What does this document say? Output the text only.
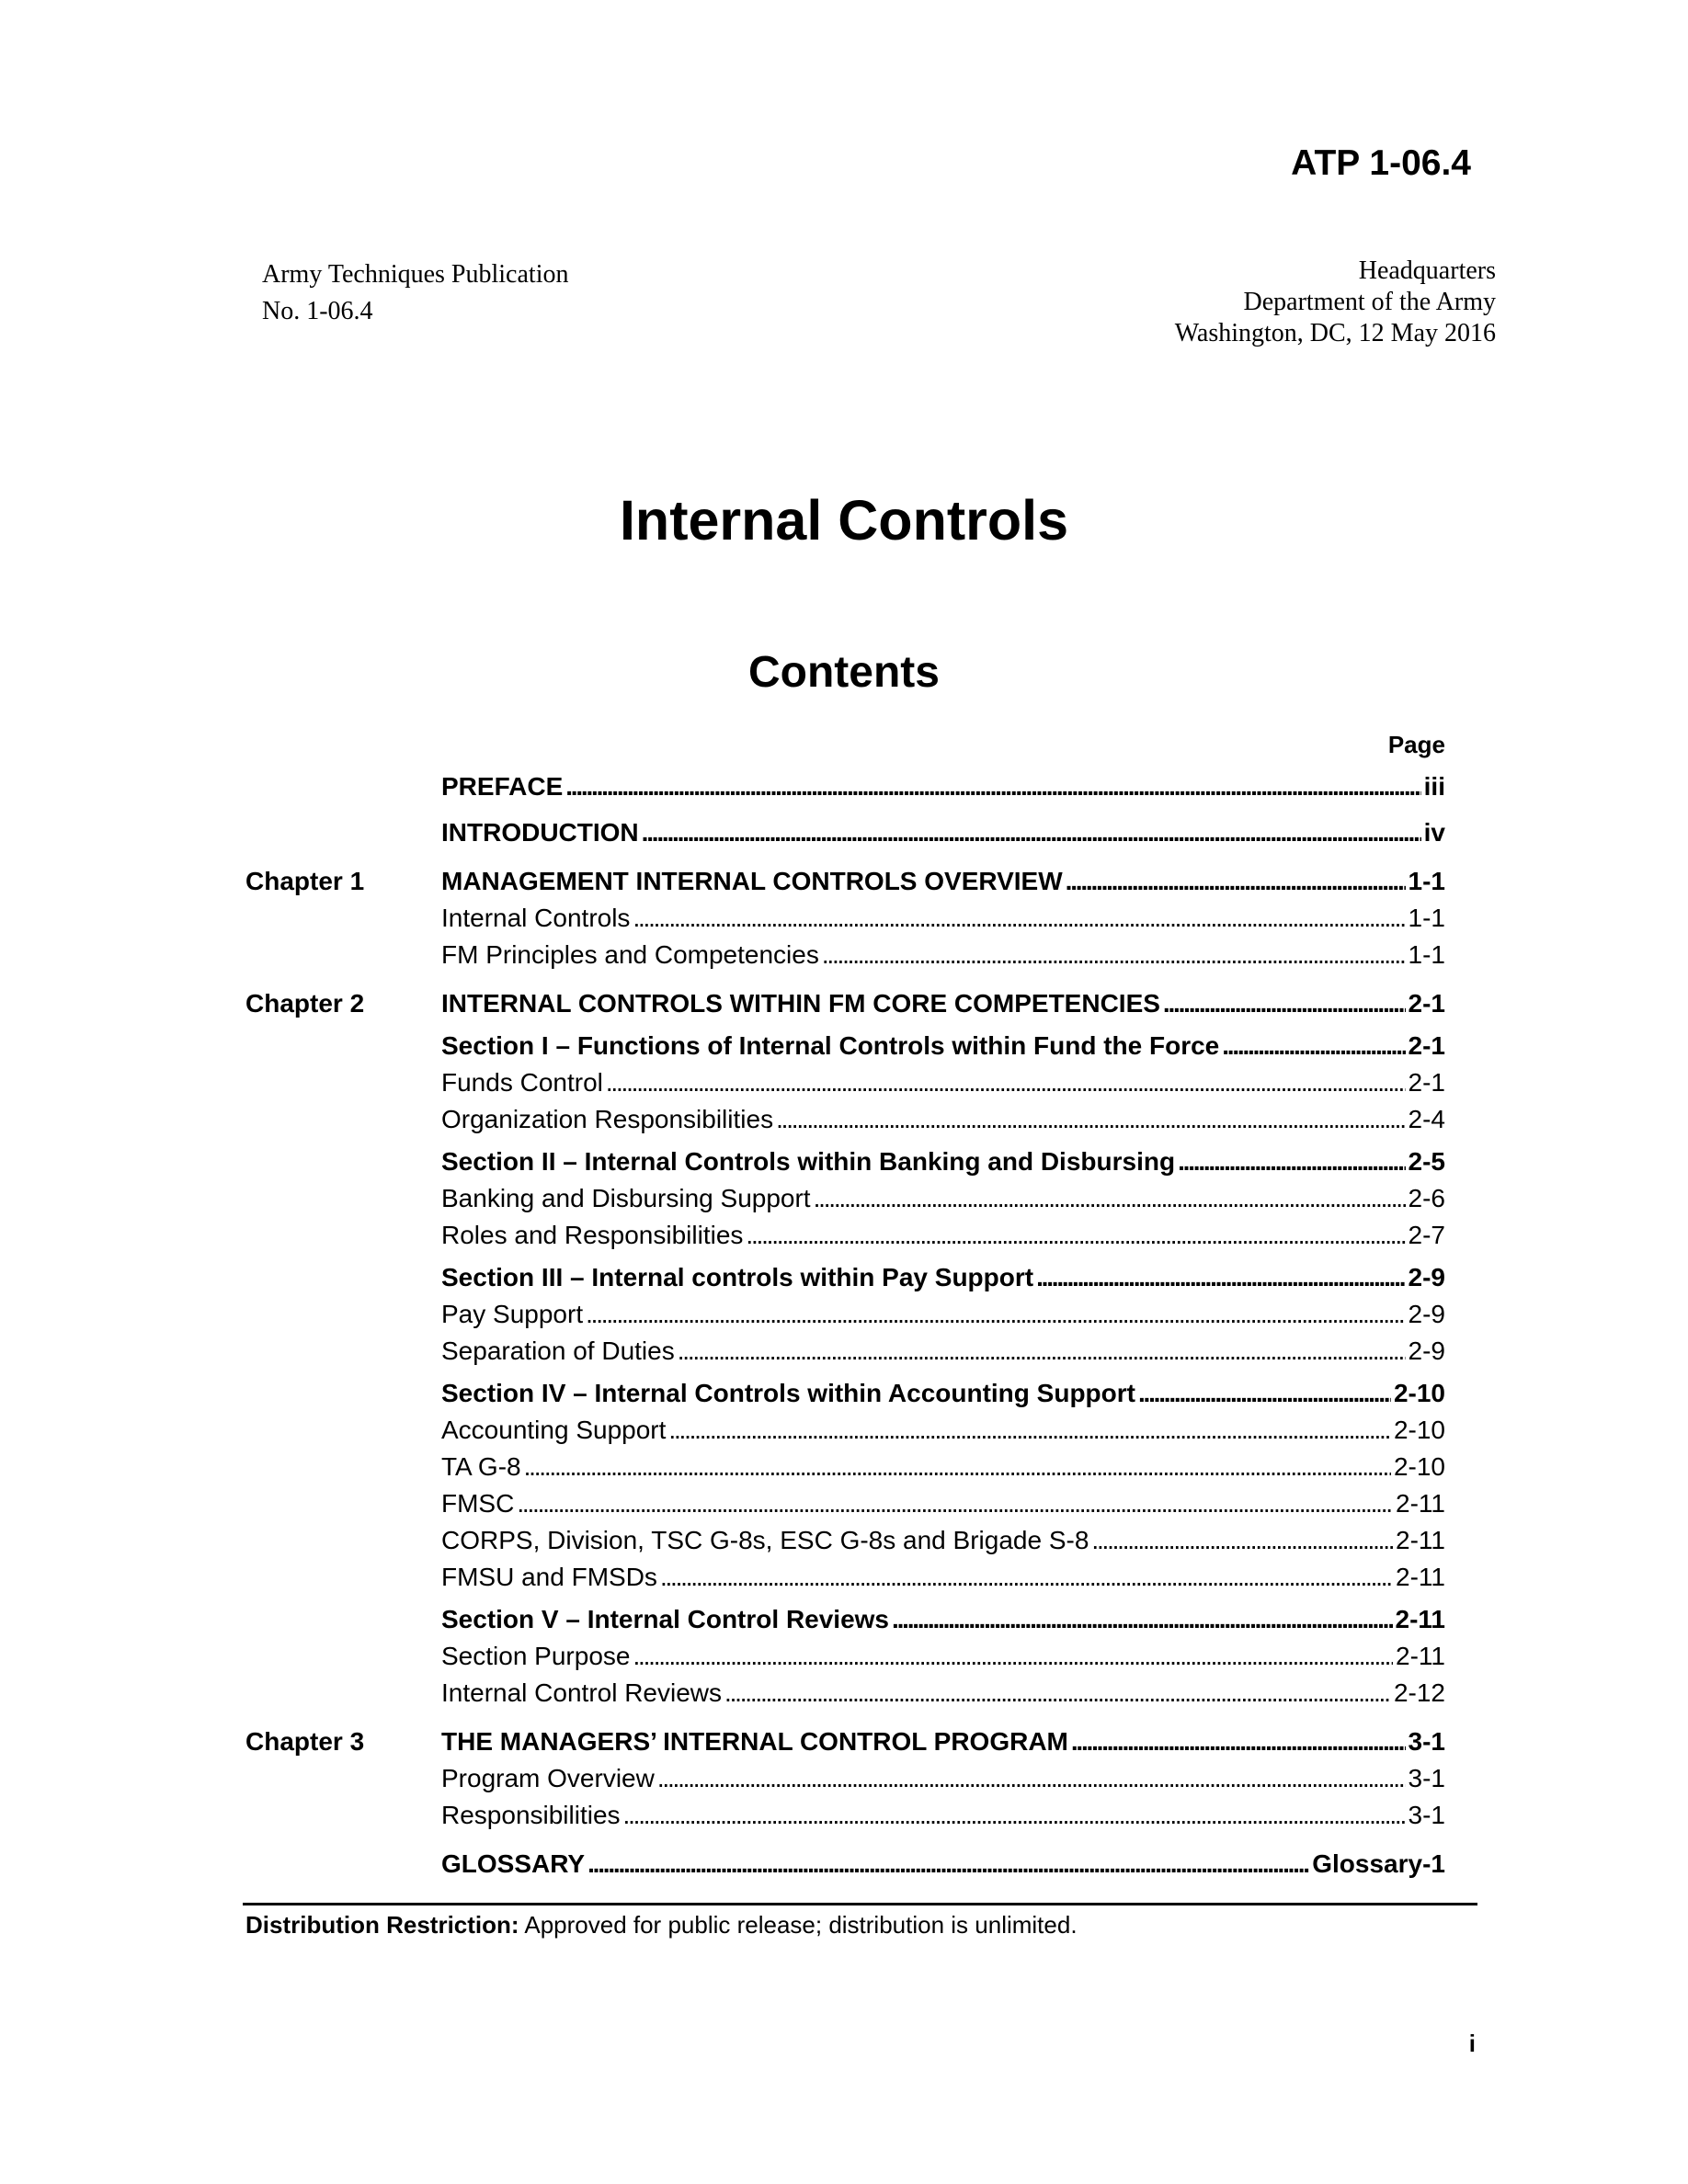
ATP 1-06.4
Army Techniques Publication
No. 1-06.4
Headquarters
Department of the Army
Washington, DC, 12 May 2016
Internal Controls
Contents
Page
PREFACE . . .	iii
INTRODUCTION . . .	iv
Chapter 1	MANAGEMENT INTERNAL CONTROLS OVERVIEW . . .	1-1
Internal Controls . . .	1-1
FM Principles and Competencies . . .	1-1
Chapter 2	INTERNAL CONTROLS WITHIN FM CORE COMPETENCIES . . .	2-1
Section I – Functions of Internal Controls within Fund the Force . . .	2-1
Funds Control . . .	2-1
Organization Responsibilities . . .	2-4
Section II – Internal Controls within Banking and Disbursing . . .	2-5
Banking and Disbursing Support . . .	2-6
Roles and Responsibilities . . .	2-7
Section III – Internal controls within Pay Support . . .	2-9
Pay Support . . .	2-9
Separation of Duties . . .	2-9
Section IV – Internal Controls within Accounting Support . . .	2-10
Accounting Support . . .	2-10
TA G-8 . . .	2-10
FMSC . . .	2-11
CORPS, Division, TSC G-8s, ESC G-8s and Brigade S-8 . . .	2-11
FMSU and FMSDs . . .	2-11
Section V – Internal Control Reviews . . .	2-11
Section Purpose . . .	2-11
Internal Control Reviews . . .	2-12
Chapter 3	THE MANAGERS’ INTERNAL CONTROL PROGRAM . . .	3-1
Program Overview . . .	3-1
Responsibilities . . .	3-1
GLOSSARY . . .	Glossary-1
Distribution Restriction: Approved for public release; distribution is unlimited.
i
